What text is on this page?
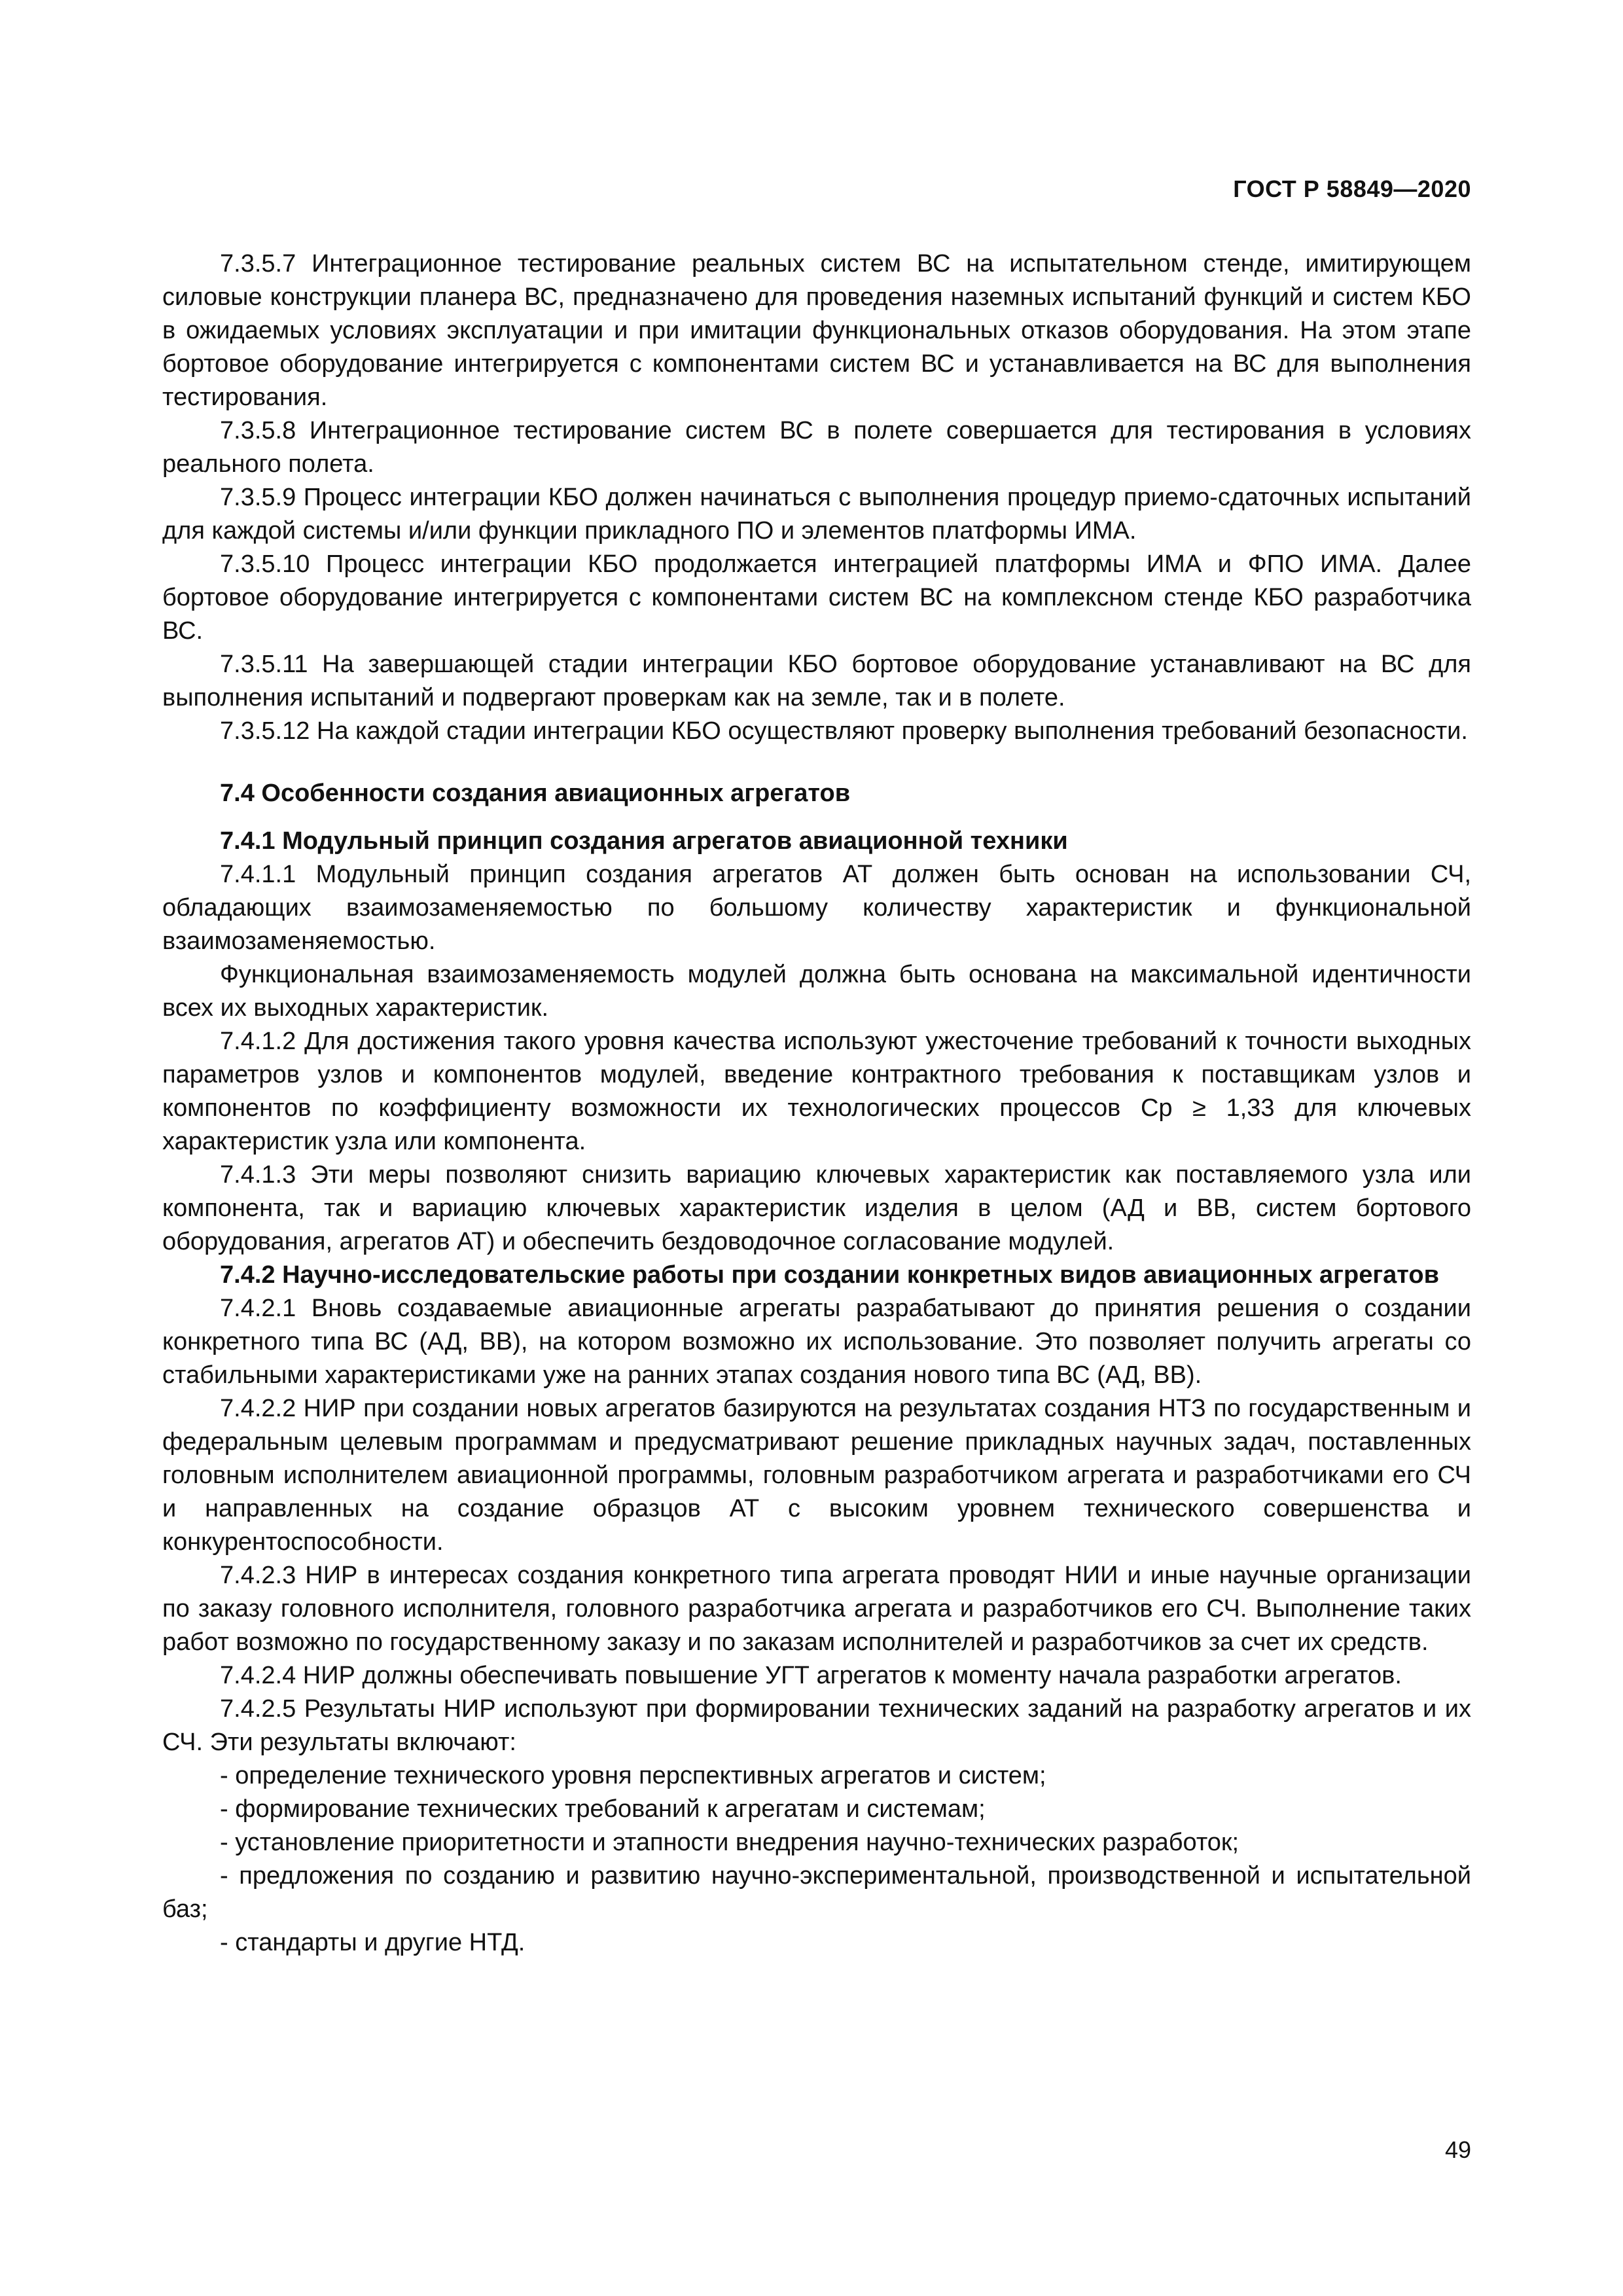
ГОСТ Р 58849—2020

7.3.5.7 Интеграционное тестирование реальных систем ВС на испытательном стенде, имитирующем силовые конструкции планера ВС, предназначено для проведения наземных испытаний функций и систем КБО в ожидаемых условиях эксплуатации и при имитации функциональных отказов оборудования. На этом этапе бортовое оборудование интегрируется с компонентами систем ВС и устанавливается на ВС для выполнения тестирования.

7.3.5.8 Интеграционное тестирование систем ВС в полете совершается для тестирования в условиях реального полета.

7.3.5.9 Процесс интеграции КБО должен начинаться с выполнения процедур приемо-сдаточных испытаний для каждой системы и/или функции прикладного ПО и элементов платформы ИМА.

7.3.5.10 Процесс интеграции КБО продолжается интеграцией платформы ИМА и ФПО ИМА. Далее бортовое оборудование интегрируется с компонентами систем ВС на комплексном стенде КБО разработчика ВС.

7.3.5.11 На завершающей стадии интеграции КБО бортовое оборудование устанавливают на ВС для выполнения испытаний и подвергают проверкам как на земле, так и в полете.

7.3.5.12 На каждой стадии интеграции КБО осуществляют проверку выполнения требований безопасности.

7.4 Особенности создания авиационных агрегатов

7.4.1 Модульный принцип создания агрегатов авиационной техники

7.4.1.1 Модульный принцип создания агрегатов АТ должен быть основан на использовании СЧ, обладающих взаимозаменяемостью по большому количеству характеристик и функциональной взаимозаменяемостью.

Функциональная взаимозаменяемость модулей должна быть основана на максимальной идентичности всех их выходных характеристик.

7.4.1.2 Для достижения такого уровня качества используют ужесточение требований к точности выходных параметров узлов и компонентов модулей, введение контрактного требования к поставщикам узлов и компонентов по коэффициенту возможности их технологических процессов Cp ≥ 1,33 для ключевых характеристик узла или компонента.

7.4.1.3 Эти меры позволяют снизить вариацию ключевых характеристик как поставляемого узла или компонента, так и вариацию ключевых характеристик изделия в целом (АД и ВВ, систем бортового оборудования, агрегатов АТ) и обеспечить бездоводочное согласование модулей.

7.4.2 Научно-исследовательские работы при создании конкретных видов авиационных агрегатов

7.4.2.1 Вновь создаваемые авиационные агрегаты разрабатывают до принятия решения о создании конкретного типа ВС (АД, ВВ), на котором возможно их использование. Это позволяет получить агрегаты со стабильными характеристиками уже на ранних этапах создания нового типа ВС (АД, ВВ).

7.4.2.2 НИР при создании новых агрегатов базируются на результатах создания НТЗ по государственным и федеральным целевым программам и предусматривают решение прикладных научных задач, поставленных головным исполнителем авиационной программы, головным разработчиком агрегата и разработчиками его СЧ и направленных на создание образцов АТ с высоким уровнем технического совершенства и конкурентоспособности.

7.4.2.3 НИР в интересах создания конкретного типа агрегата проводят НИИ и иные научные организации по заказу головного исполнителя, головного разработчика агрегата и разработчиков его СЧ. Выполнение таких работ возможно по государственному заказу и по заказам исполнителей и разработчиков за счет их средств.

7.4.2.4 НИР должны обеспечивать повышение УГТ агрегатов к моменту начала разработки агрегатов.

7.4.2.5 Результаты НИР используют при формировании технических заданий на разработку агрегатов и их СЧ. Эти результаты включают:

- определение технического уровня перспективных агрегатов и систем;

- формирование технических требований к агрегатам и системам;

- установление приоритетности и этапности внедрения научно-технических разработок;

- предложения по созданию и развитию научно-экспериментальной, производственной и испытательной баз;

- стандарты и другие НТД.

49
